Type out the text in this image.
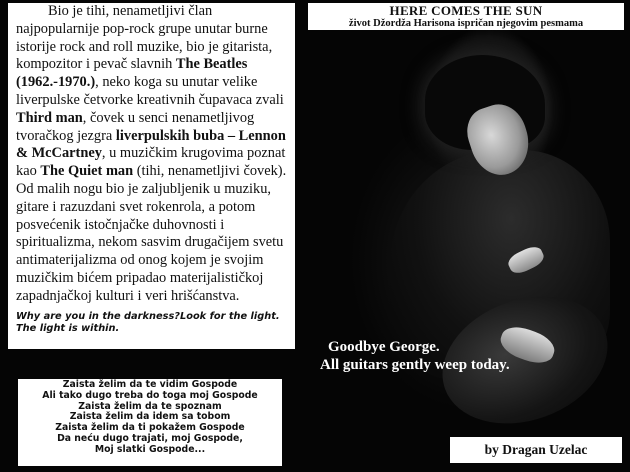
HERE COMES THE SUN
život Džordža Harisona ispričan njegovim pesmama

Bio je tihi, nenametljivi član najpopularnije pop-rock grupe unutar burne istorije rock and roll muzike, bio je gitarista, kompozitor i pevač slavnih The Beatles (1962.-1970.), neko koga su unutar velike liverpulske četvorke kreativnih čupavaca zvali Third man, čovek u senci nenametljivog tvoračkog jezgra liverpulskih buba – Lennon & McCartney, u muzičkim krugovima poznat kao The Quiet man (tihi, nenametljivi čovek). Od malih nogu bio je zaljubljenik u muziku, gitare i razuzdani svet rokenrola, a potom posvećenik istočnjačke duhovnosti i spiritualizma, nekom sasvim drugačijem svetu antimaterijalizma od onog kojem je svojim muzičkim bićem pripadao materijalističkoj zapadnjačkoj kulturi i veri hrišćanstva.

Why are you in the darkness?Look for the light. The light is within.
Goodbye George.
All guitars gently weep today.
Zaista želim da te vidim Gospode
Ali tako dugo treba do toga moj Gospode
Zaista želim da te spoznam
Zaista želim da idem sa tobom
Zaista želim da ti pokažem Gospode
Da neću dugo trajati, moj Gospode,
Moj slatki Gospode...	by Dragan Uzelac
